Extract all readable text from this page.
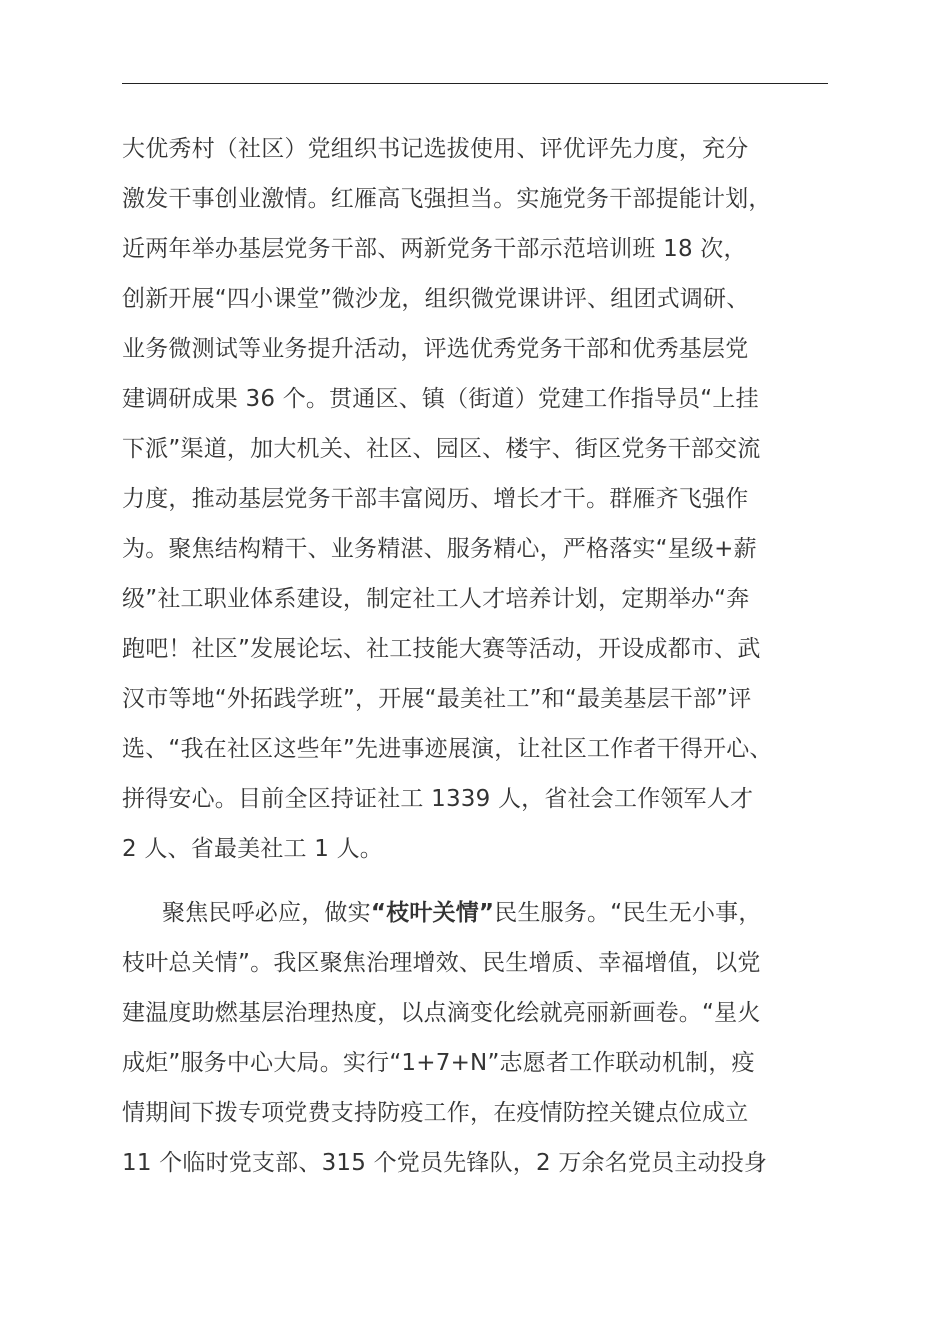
大优秀村（社区）党组织书记选拔使用、评优评先力度，充分
激发干事创业激情。红雁高飞强担当。实施党务干部提能计划，
近两年举办基层党务干部、两新党务干部示范培训班 18 次，
创新开展“四小课堂”微沙龙，组织微党课讲评、组团式调研、
业务微测试等业务提升活动，评选优秀党务干部和优秀基层党
建调研成果 36 个。贯通区、镇（街道）党建工作指导员“上挂
下派”渠道，加大机关、社区、园区、楼宇、街区党务干部交流
力度，推动基层党务干部丰富阅历、增长才干。群雁齐飞强作
为。聚焦结构精干、业务精湛、服务精心，严格落实“星级+薪
级”社工职业体系建设，制定社工人才培养计划，定期举办“奔
跑吧！社区”发展论坛、社工技能大赛等活动，开设成都市、武
汉市等地“外拓践学班”，开展“最美社工”和“最美基层干部”评
选、“我在社区这些年”先进事迹展演，让社区工作者干得开心、
拼得安心。目前全区持证社工 1339 人，省社会工作领军人才
2 人、省最美社工 1 人。
聚焦民呼必应，做实“枝叶关情”民生服务。“民生无小事，
枝叶总关情”。我区聚焦治理增效、民生增质、幸福增值，以党
建温度助燃基层治理热度，以点滴变化绘就亮丽新画卷。“星火
成炬”服务中心大局。实行“1+7+N”志愿者工作联动机制，疫
情期间下拨专项党费支持防疫工作，在疫情防控关键点位成立
11 个临时党支部、315 个党员先锋队，2 万余名党员主动投身
